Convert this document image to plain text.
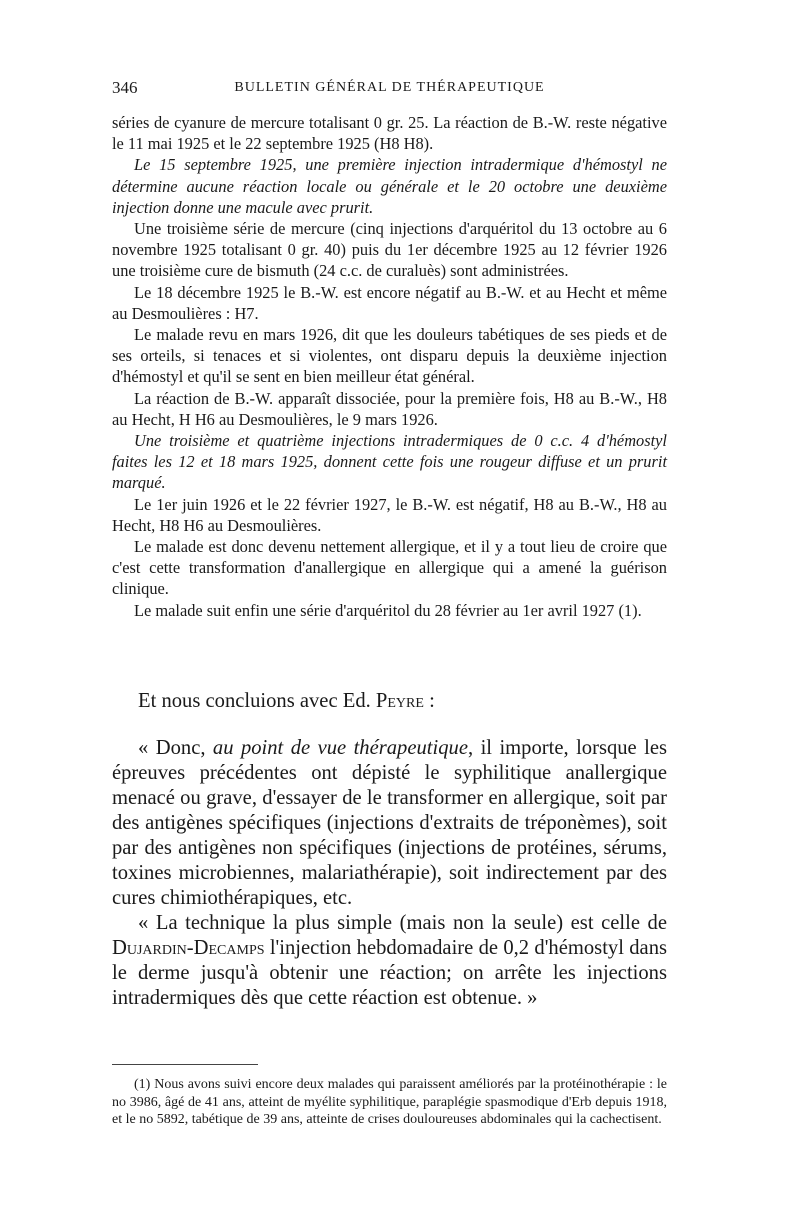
346	BULLETIN GÉNÉRAL DE THÉRAPEUTIQUE

séries de cyanure de mercure totalisant 0 gr. 25. La réaction de B.-W. reste négative le 11 mai 1925 et le 22 septembre 1925 (H8 H8).

Le 15 septembre 1925, une première injection intradermique d'hémostyl ne détermine aucune réaction locale ou générale et le 20 octobre une deuxième injection donne une macule avec prurit.

Une troisième série de mercure (cinq injections d'arquéritol du 13 octobre au 6 novembre 1925 totalisant 0 gr. 40) puis du 1er décembre 1925 au 12 février 1926 une troisième cure de bismuth (24 c.c. de curaluès) sont administrées.

Le 18 décembre 1925 le B.-W. est encore négatif au B.-W. et au Hecht et même au Desmoulières : H7.

Le malade revu en mars 1926, dit que les douleurs tabétiques de ses pieds et de ses orteils, si tenaces et si violentes, ont disparu depuis la deuxième injection d'hémostyl et qu'il se sent en bien meilleur état général.

La réaction de B.-W. apparaît dissociée, pour la première fois, H8 au B.-W., H8 au Hecht, H H6 au Desmoulières, le 9 mars 1926.

Une troisième et quatrième injections intradermiques de 0 c.c. 4 d'hémostyl faites les 12 et 18 mars 1925, donnent cette fois une rougeur diffuse et un prurit marqué.

Le 1er juin 1926 et le 22 février 1927, le B.-W. est négatif, H8 au B.-W., H8 au Hecht, H8 H6 au Desmoulières.

Le malade est donc devenu nettement allergique, et il y a tout lieu de croire que c'est cette transformation d'anallergique en allergique qui a amené la guérison clinique.

Le malade suit enfin une série d'arquéritol du 28 février au 1er avril 1927 (1).

Et nous concluions avec Ed. Peyre :

« Donc, au point de vue thérapeutique, il importe, lorsque les épreuves précédentes ont dépisté le syphilitique anallergique menacé ou grave, d'essayer de le transformer en allergique, soit par des antigènes spécifiques (injections d'extraits de tréponèmes), soit par des antigènes non spécifiques (injections de protéines, sérums, toxines microbiennes, malariathérapie), soit indirectement par des cures chimiothérapiques, etc.

« La technique la plus simple (mais non la seule) est celle de Dujardin-Decamps l'injection hebdomadaire de 0,2 d'hémostyl dans le derme jusqu'à obtenir une réaction; on arrête les injections intradermiques dès que cette réaction est obtenue. »

(1) Nous avons suivi encore deux malades qui paraissent améliorés par la protéinothérapie : le no 3986, âgé de 41 ans, atteint de myélite syphilitique, paraplégie spasmodique d'Erb depuis 1918, et le no 5892, tabétique de 39 ans, atteinte de crises douloureuses abdominales qui la cachectisent.
